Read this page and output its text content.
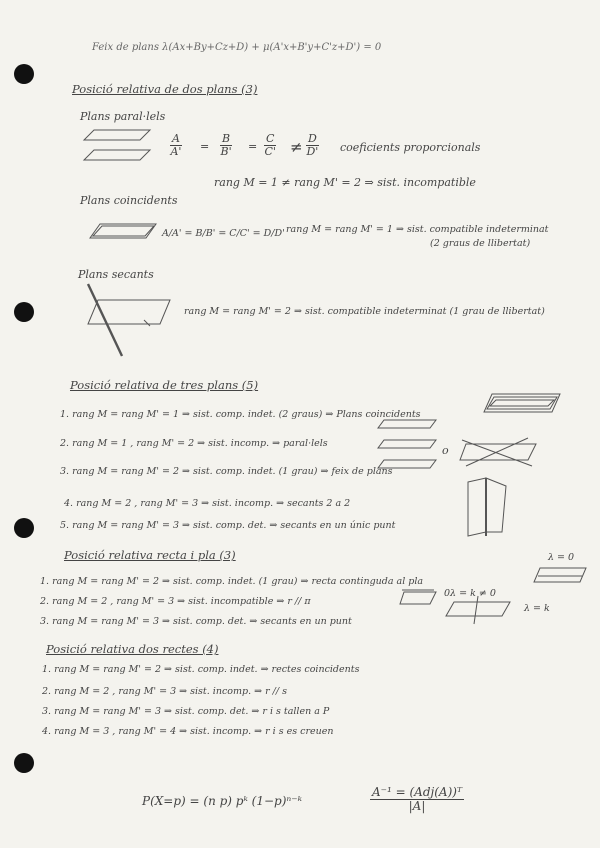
Feix de plans λ(Ax+By+Cz+D) + μ(A'x+B'y+C'z+D') = 0
Posició relativa de dos plans (3)
Plans paral·lels
$\frac{A}{A'} = \frac{B}{B'} = \frac{C}{C'} \ne \frac{D}{D'}$ coeficients proporcionals
rang M = 1 ≠ rang M' = 2 ⇒ sist. incompatible
Plans coincidents
A/A' = B/B' = C/C' = D/D' rang M = rang M' = 1 ⇒ sist. compatible indeterminat
(2 graus de llibertat)
Plans secants
rang M = rang M' = 2 ⇒ sist. compatible indeterminat (1 grau de llibertat)
Posició relativa de tres plans (5)
1. rang M = rang M' = 1 ⇒ sist. comp. indet. (2 graus) ⇒ Plans coincidents
2. rang M = 1 , rang M' = 2 ⇒ sist. incomp. ⇒ paral·lels
3. rang M = rang M' = 2 ⇒ sist. comp. indet. (1 grau) ⇒ feix de plans
4. rang M = 2 , rang M' = 3 ⇒ sist. incomp. ⇒ secants 2 a 2
5. rang M = rang M' = 3 ⇒ sist. comp. det. ⇒ secants en un únic punt
o
Posició relativa recta i pla (3)
1. rang M = rang M' = 2 ⇒ sist. comp. indet. (1 grau) ⇒ recta continguda al pla
2. rang M = 2 , rang M' = 3 ⇒ sist. incompatible ⇒ r // π
3. rang M = rang M' = 3 ⇒ sist. comp. det. ⇒ secants en un punt
λ = 0
0λ = k ≠ 0
λ = k
Posició relativa dos rectes (4)
1. rang M = rang M' = 2 ⇒ sist. comp. indet. ⇒ rectes coincidents
2. rang M = 2 , rang M' = 3 ⇒ sist. incomp. ⇒ r // s
3. rang M = rang M' = 3 ⇒ sist. comp. det. ⇒ r i s tallen a P
4. rang M = 3 , rang M' = 4 ⇒ sist. incomp. ⇒ r i s es creuen
P(X=p) = (n p) pᵏ (1−p)ⁿ⁻ᵏ
A⁻¹ = (Adj(A))ᵀ
|A|
